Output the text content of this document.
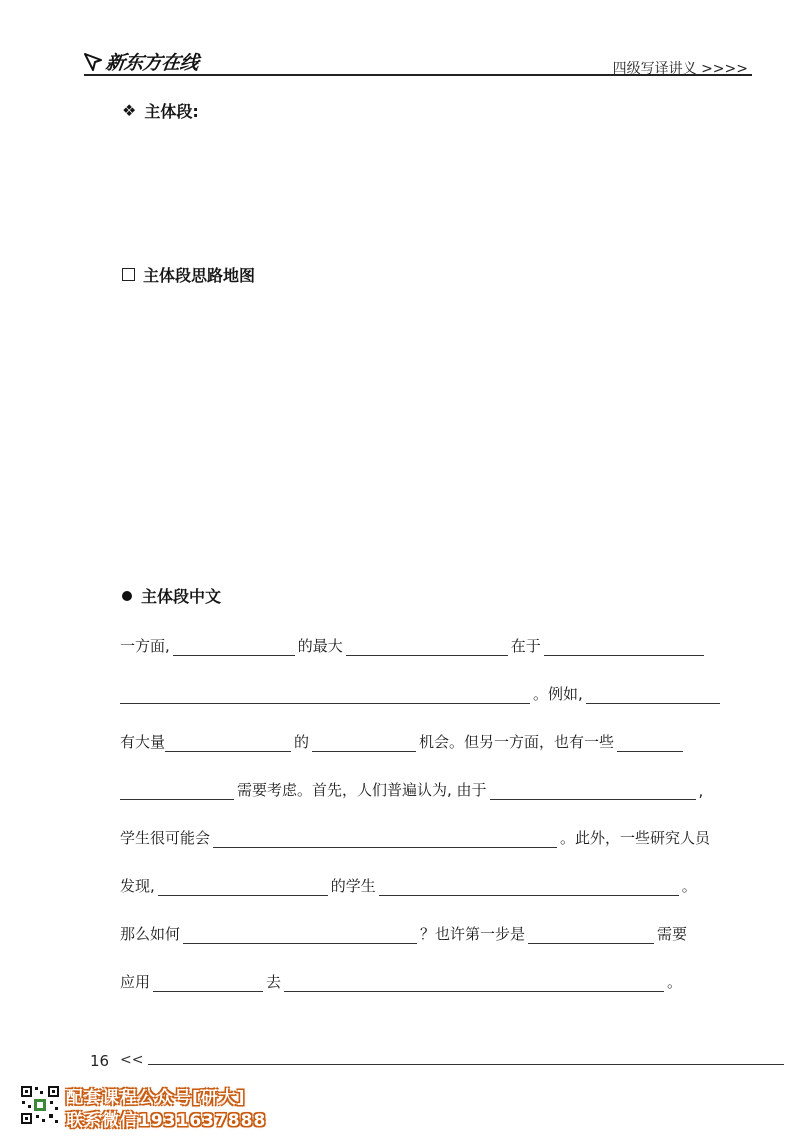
新东方在线	四级写译讲义 >>>>
❖ 主体段:
主体段思路地图
主体段中文
一方面,	的最大	在于
。例如,
有大量	的	机会。但另一方面，也有一些
需要考虑。首先，人们普遍认为, 由于	,
学生很可能会	。此外，一些研究人员
发现,	的学生	。
那么如何	？也许第一步是	需要
应用	去	。
16 <<
配套课程公众号[研大]
联系微信1931637888
